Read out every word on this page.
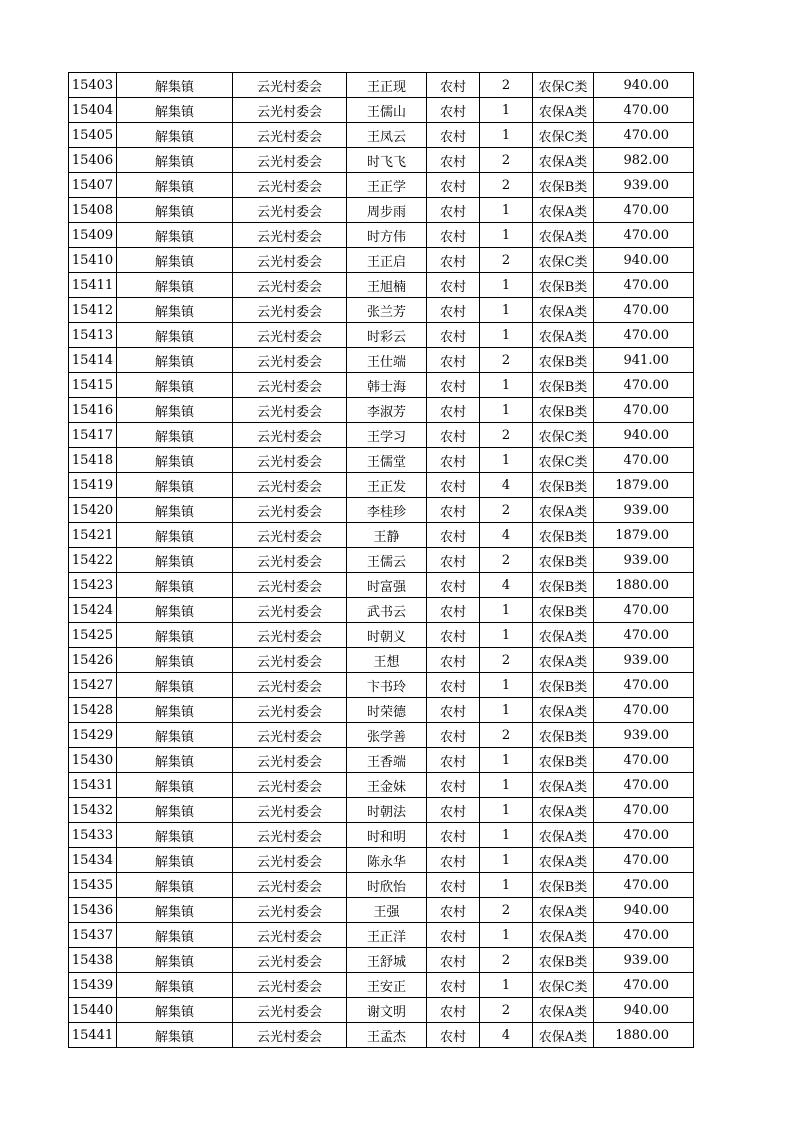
15403	解集镇	云光村委会	王正现	农村	2	农保C类	940.00
15404	解集镇	云光村委会	王儒山	农村	1	农保A类	470.00
15405	解集镇	云光村委会	王凤云	农村	1	农保C类	470.00
15406	解集镇	云光村委会	时飞飞	农村	2	农保A类	982.00
15407	解集镇	云光村委会	王正学	农村	2	农保B类	939.00
15408	解集镇	云光村委会	周步雨	农村	1	农保A类	470.00
15409	解集镇	云光村委会	时方伟	农村	1	农保A类	470.00
15410	解集镇	云光村委会	王正启	农村	2	农保C类	940.00
15411	解集镇	云光村委会	王旭楠	农村	1	农保B类	470.00
15412	解集镇	云光村委会	张兰芳	农村	1	农保A类	470.00
15413	解集镇	云光村委会	时彩云	农村	1	农保A类	470.00
15414	解集镇	云光村委会	王仕端	农村	2	农保B类	941.00
15415	解集镇	云光村委会	韩士海	农村	1	农保B类	470.00
15416	解集镇	云光村委会	李淑芳	农村	1	农保B类	470.00
15417	解集镇	云光村委会	王学习	农村	2	农保C类	940.00
15418	解集镇	云光村委会	王儒堂	农村	1	农保C类	470.00
15419	解集镇	云光村委会	王正发	农村	4	农保B类	1879.00
15420	解集镇	云光村委会	李桂珍	农村	2	农保A类	939.00
15421	解集镇	云光村委会	王静	农村	4	农保B类	1879.00
15422	解集镇	云光村委会	王儒云	农村	2	农保B类	939.00
15423	解集镇	云光村委会	时富强	农村	4	农保B类	1880.00
15424	解集镇	云光村委会	武书云	农村	1	农保B类	470.00
15425	解集镇	云光村委会	时朝义	农村	1	农保A类	470.00
15426	解集镇	云光村委会	王想	农村	2	农保A类	939.00
15427	解集镇	云光村委会	卞书玲	农村	1	农保B类	470.00
15428	解集镇	云光村委会	时荣德	农村	1	农保A类	470.00
15429	解集镇	云光村委会	张学善	农村	2	农保B类	939.00
15430	解集镇	云光村委会	王香端	农村	1	农保B类	470.00
15431	解集镇	云光村委会	王金妹	农村	1	农保A类	470.00
15432	解集镇	云光村委会	时朝法	农村	1	农保A类	470.00
15433	解集镇	云光村委会	时和明	农村	1	农保A类	470.00
15434	解集镇	云光村委会	陈永华	农村	1	农保A类	470.00
15435	解集镇	云光村委会	时欣怡	农村	1	农保B类	470.00
15436	解集镇	云光村委会	王强	农村	2	农保A类	940.00
15437	解集镇	云光村委会	王正洋	农村	1	农保A类	470.00
15438	解集镇	云光村委会	王舒城	农村	2	农保B类	939.00
15439	解集镇	云光村委会	王安正	农村	1	农保C类	470.00
15440	解集镇	云光村委会	谢文明	农村	2	农保A类	940.00
15441	解集镇	云光村委会	王孟杰	农村	4	农保A类	1880.00
